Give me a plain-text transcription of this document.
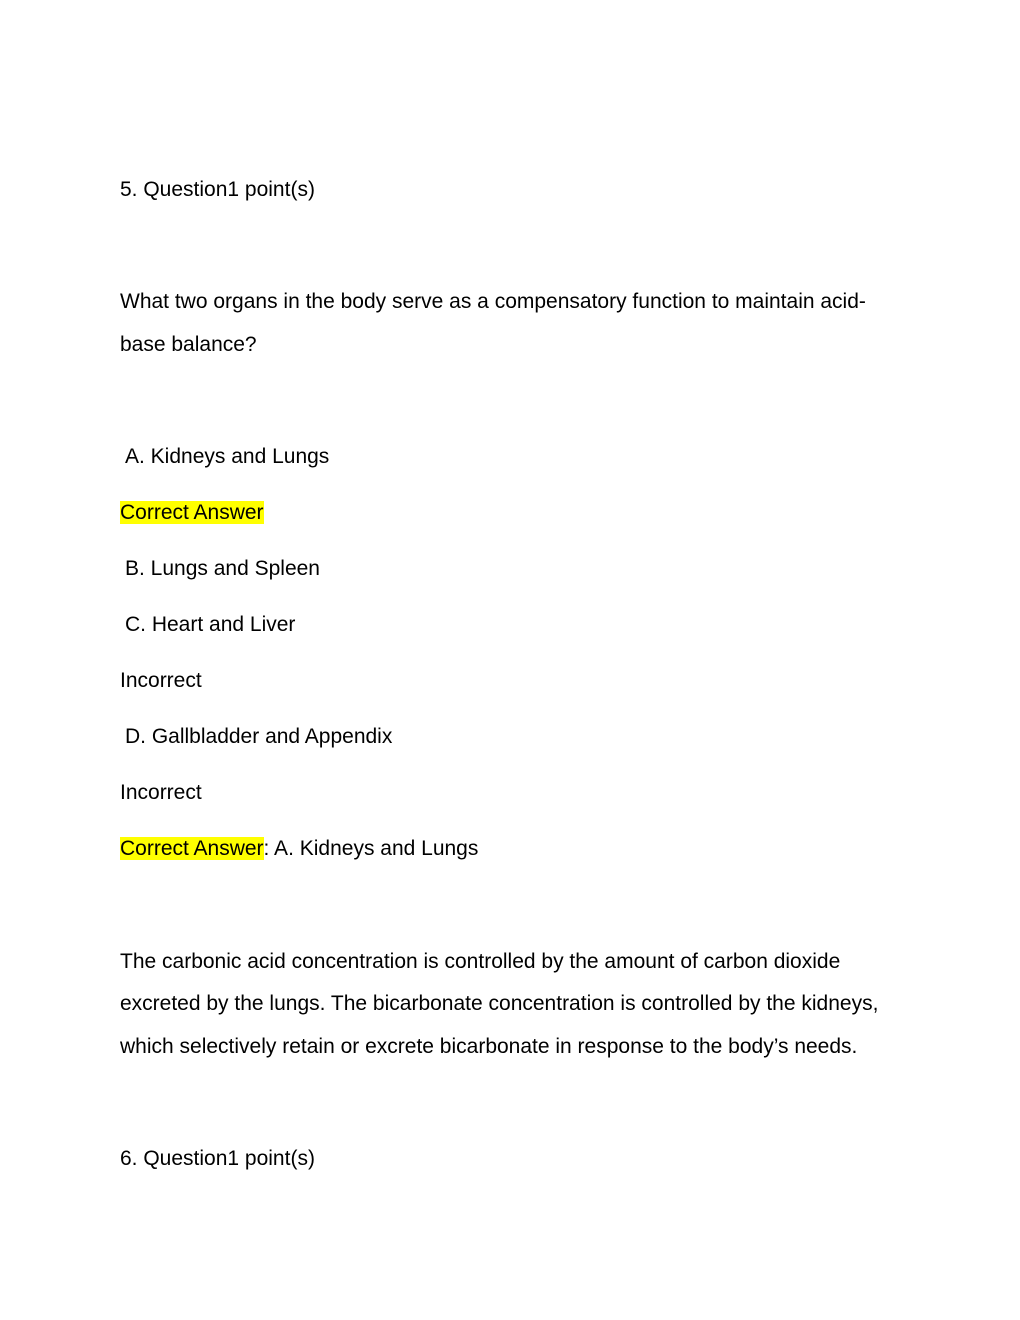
5. Question1 point(s)
What two organs in the body serve as a compensatory function to maintain acid-
base balance?
A. Kidneys and Lungs
Correct Answer
B. Lungs and Spleen
C. Heart and Liver
Incorrect
D. Gallbladder and Appendix
Incorrect
Correct Answer: A. Kidneys and Lungs
The carbonic acid concentration is controlled by the amount of carbon dioxide
excreted by the lungs. The bicarbonate concentration is controlled by the kidneys,
which selectively retain or excrete bicarbonate in response to the body’s needs.
6. Question1 point(s)
